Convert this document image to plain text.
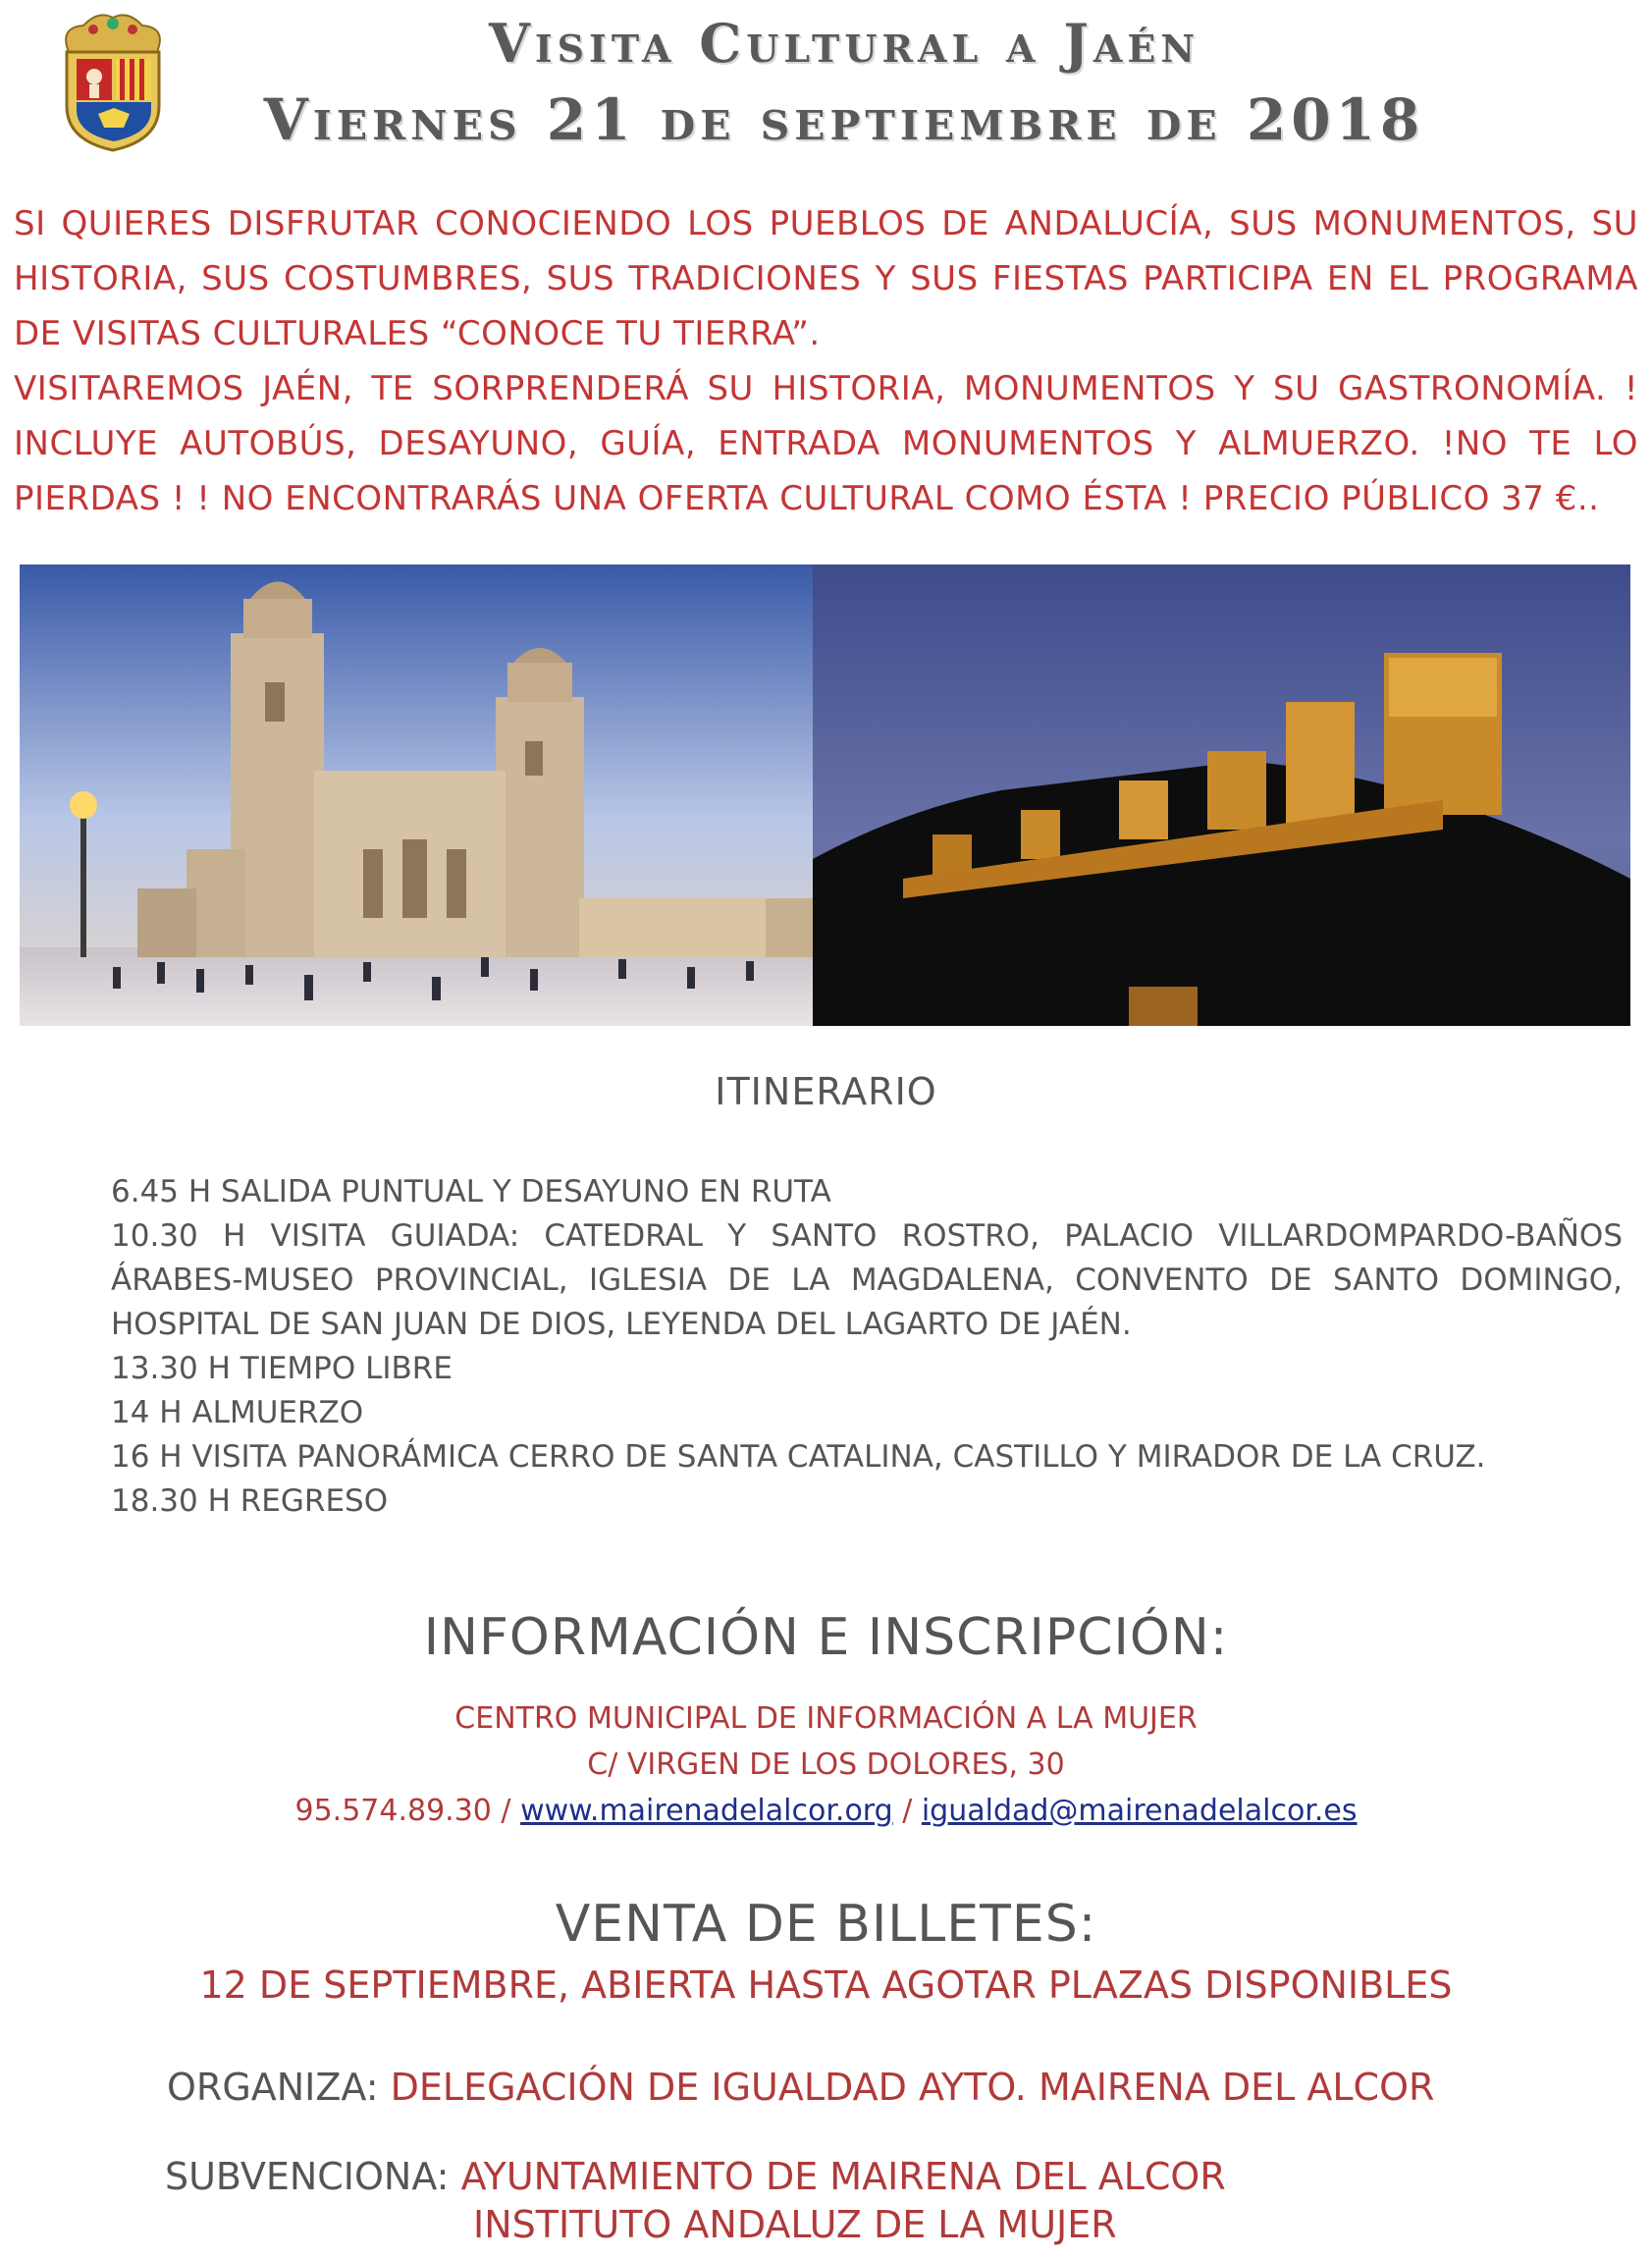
Visita Cultural a Jaén
Viernes 21 de septiembre de 2018

SI QUIERES DISFRUTAR CONOCIENDO LOS PUEBLOS DE ANDALUCÍA, SUS MONUMENTOS, SU HISTORIA, SUS COSTUMBRES, SUS TRADICIONES Y SUS FIESTAS PARTICIPA EN EL PROGRAMA DE VISITAS CULTURALES “CONOCE TU TIERRA”.

VISITAREMOS JAÉN, TE SORPRENDERÁ SU HISTORIA, MONUMENTOS Y SU GASTRONOMÍA. ! INCLUYE AUTOBÚS, DESAYUNO, GUÍA, ENTRADA MONUMENTOS Y ALMUERZO. !NO TE LO PIERDAS ! ! NO ENCONTRARÁS UNA OFERTA CULTURAL COMO ÉSTA ! PRECIO PÚBLICO 37 €..

ITINERARIO
6.45 H SALIDA PUNTUAL Y DESAYUNO EN RUTA
10.30 H VISITA GUIADA: CATEDRAL Y SANTO ROSTRO, PALACIO VILLARDOMPARDO-BAÑOS ÁRABES-MUSEO PROVINCIAL, IGLESIA DE LA MAGDALENA, CONVENTO DE SANTO DOMINGO, HOSPITAL DE SAN JUAN DE DIOS, LEYENDA DEL LAGARTO DE JAÉN.
13.30 H TIEMPO LIBRE
14 H ALMUERZO
16 H VISITA PANORÁMICA CERRO DE SANTA CATALINA, CASTILLO Y MIRADOR DE LA CRUZ.
18.30 H REGRESO
INFORMACIÓN E INSCRIPCIÓN:
CENTRO MUNICIPAL DE INFORMACIÓN A LA MUJER
C/ VIRGEN DE LOS DOLORES, 30
95.574.89.30 / www.mairenadelalcor.org / igualdad@mairenadelalcor.es
VENTA DE BILLETES:
12 DE SEPTIEMBRE, ABIERTA HASTA AGOTAR PLAZAS DISPONIBLES
ORGANIZA: DELEGACIÓN DE IGUALDAD AYTO. MAIRENA DEL ALCOR
SUBVENCIONA: AYUNTAMIENTO DE MAIRENA DEL ALCOR
INSTITUTO ANDALUZ DE LA MUJER
